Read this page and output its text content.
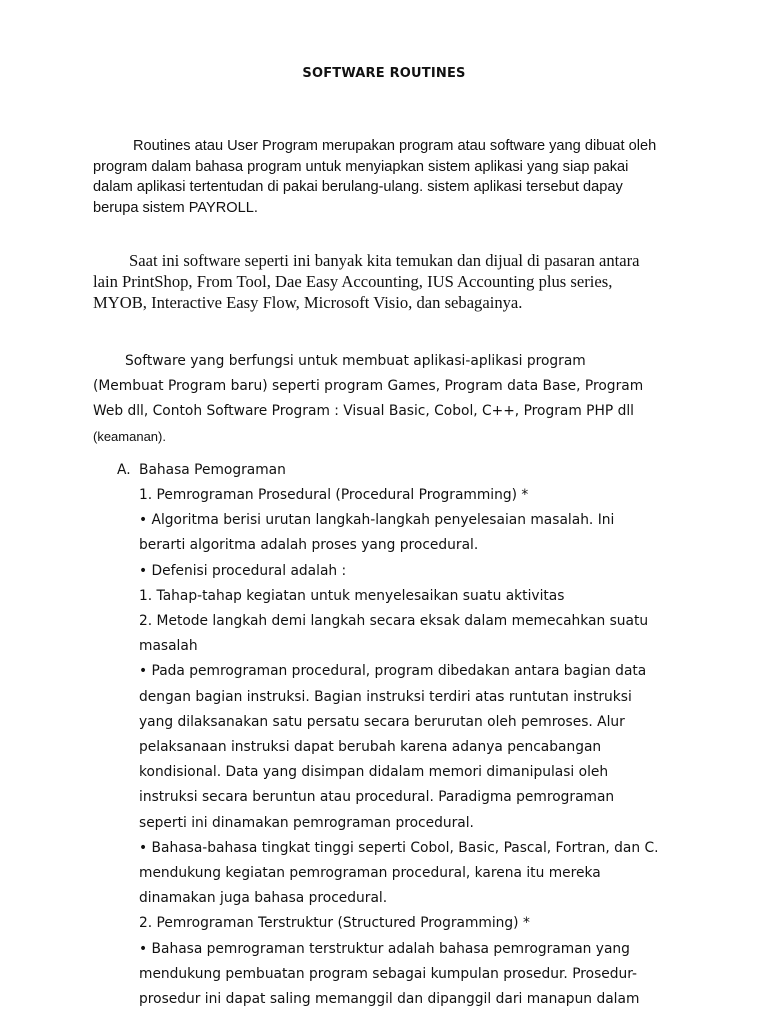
SOFTWARE ROUTINES
Routines atau User Program merupakan program atau software yang dibuat oleh
program dalam bahasa program untuk menyiapkan sistem aplikasi yang siap pakai
dalam aplikasi tertentudan di pakai berulang-ulang. sistem aplikasi tersebut dapay
berupa sistem PAYROLL.
Saat ini software seperti ini banyak kita temukan dan dijual di pasaran antara
lain PrintShop, From Tool, Dae Easy Accounting, IUS Accounting plus series,
MYOB, Interactive Easy Flow, Microsoft Visio, dan sebagainya.
Software yang berfungsi untuk membuat aplikasi-aplikasi program
(Membuat Program baru) seperti program Games, Program data Base, Program
Web dll, Contoh Software Program : Visual Basic, Cobol, C++, Program PHP dll
(keamanan).
A. Bahasa Pemograman
1. Pemrograman Prosedural (Procedural Programming) *
• Algoritma berisi urutan langkah-langkah penyelesaian masalah. Ini
berarti algoritma adalah proses yang procedural.
• Defenisi procedural adalah :
1. Tahap-tahap kegiatan untuk menyelesaikan suatu aktivitas
2. Metode langkah demi langkah secara eksak dalam memecahkan suatu
masalah
• Pada pemrograman procedural, program dibedakan antara bagian data
dengan bagian instruksi. Bagian instruksi terdiri atas runtutan instruksi
yang dilaksanakan satu persatu secara berurutan oleh pemroses. Alur
pelaksanaan instruksi dapat berubah karena adanya pencabangan
kondisional. Data yang disimpan didalam memori dimanipulasi oleh
instruksi secara beruntun atau procedural. Paradigma pemrograman
seperti ini dinamakan pemrograman procedural.
• Bahasa-bahasa tingkat tinggi seperti Cobol, Basic, Pascal, Fortran, dan C.
mendukung kegiatan pemrograman procedural, karena itu mereka
dinamakan juga bahasa procedural.
2. Pemrograman Terstruktur (Structured Programming) *
• Bahasa pemrograman terstruktur adalah bahasa pemrograman yang
mendukung pembuatan program sebagai kumpulan prosedur. Prosedur-
prosedur ini dapat saling memanggil dan dipanggil dari manapun dalam
